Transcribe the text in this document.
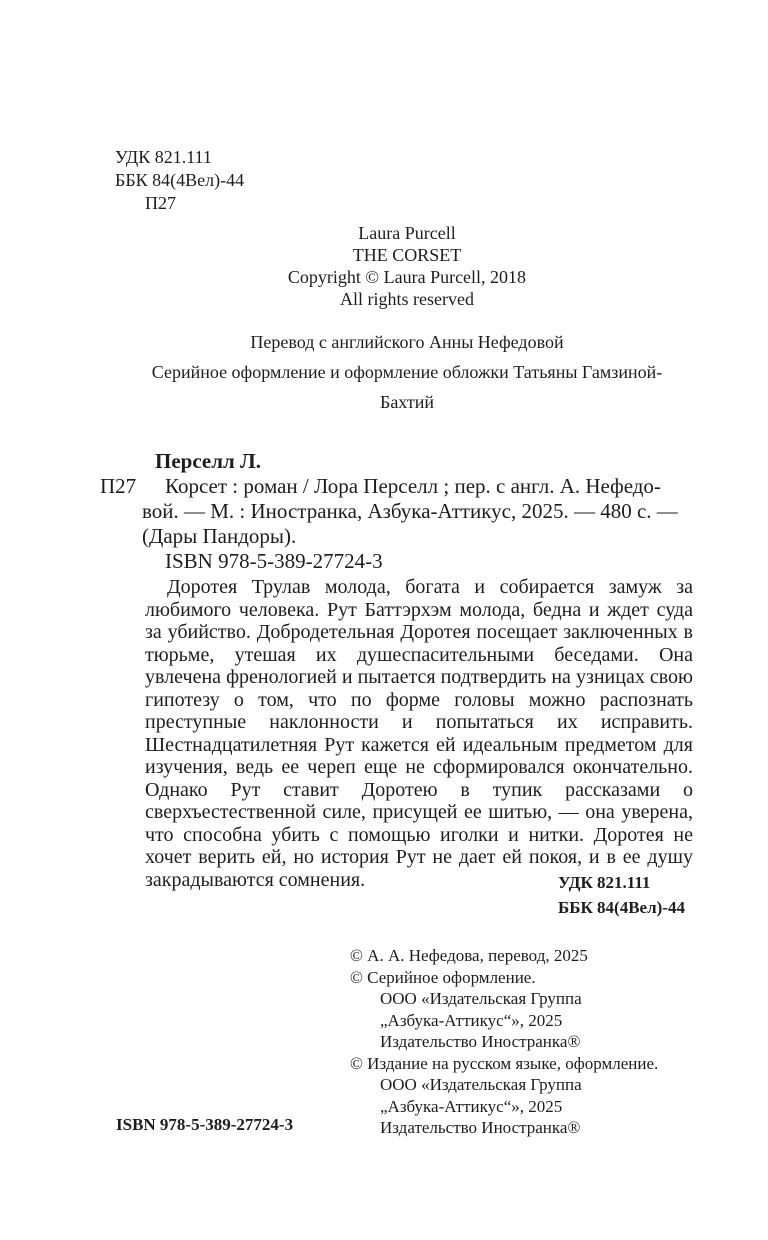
УДК 821.111
ББК 84(4Вел)-44
П27
Laura Purcell
THE CORSET
Copyright © Laura Purcell, 2018
All rights reserved
Перевод с английского Анны Нефедовой
Серийное оформление и оформление обложки Татьяны Гамзиной-Бахтий
Перселл Л.
П27	Корсет : роман / Лора Перселл ; пер. с англ. А. Нефедо-
вой. — М. : Иностранка, Азбука-Аттикус, 2025. — 480 с. —
(Дары Пандоры).
ISBN 978-5-389-27724-3

Доротея Трулав молода, богата и собирается замуж за любимого человека. Рут Баттэрхэм молода, бедна и ждет суда за убийство. Добродетельная Доротея посещает заключенных в тюрьме, утешая их душеспасительными беседами. Она увлечена френологией и пытается подтвердить на узницах свою гипотезу о том, что по форме головы можно распознать преступные наклонности и попытаться их исправить. Шестнадцатилетняя Рут кажется ей идеальным предметом для изучения, ведь ее череп еще не сформировался окончательно. Однако Рут ставит Доротею в тупик рассказами о сверхъестественной силе, присущей ее шитью, — она уверена, что способна убить с помощью иголки и нитки. Доротея не хочет верить ей, но история Рут не дает ей покоя, и в ее душу закрадываются сомнения.	УДК 821.111
ББК 84(4Вел)-44
© А. А. Нефедова, перевод, 2025
© Серийное оформление.
ООО «Издательская Группа
„Азбука-Аттикус“», 2025
Издательство Иностранка®
© Издание на русском языке, оформление.
ООО «Издательская Группа
„Азбука-Аттикус“», 2025
Издательство Иностранка®
ISBN 978-5-389-27724-3
